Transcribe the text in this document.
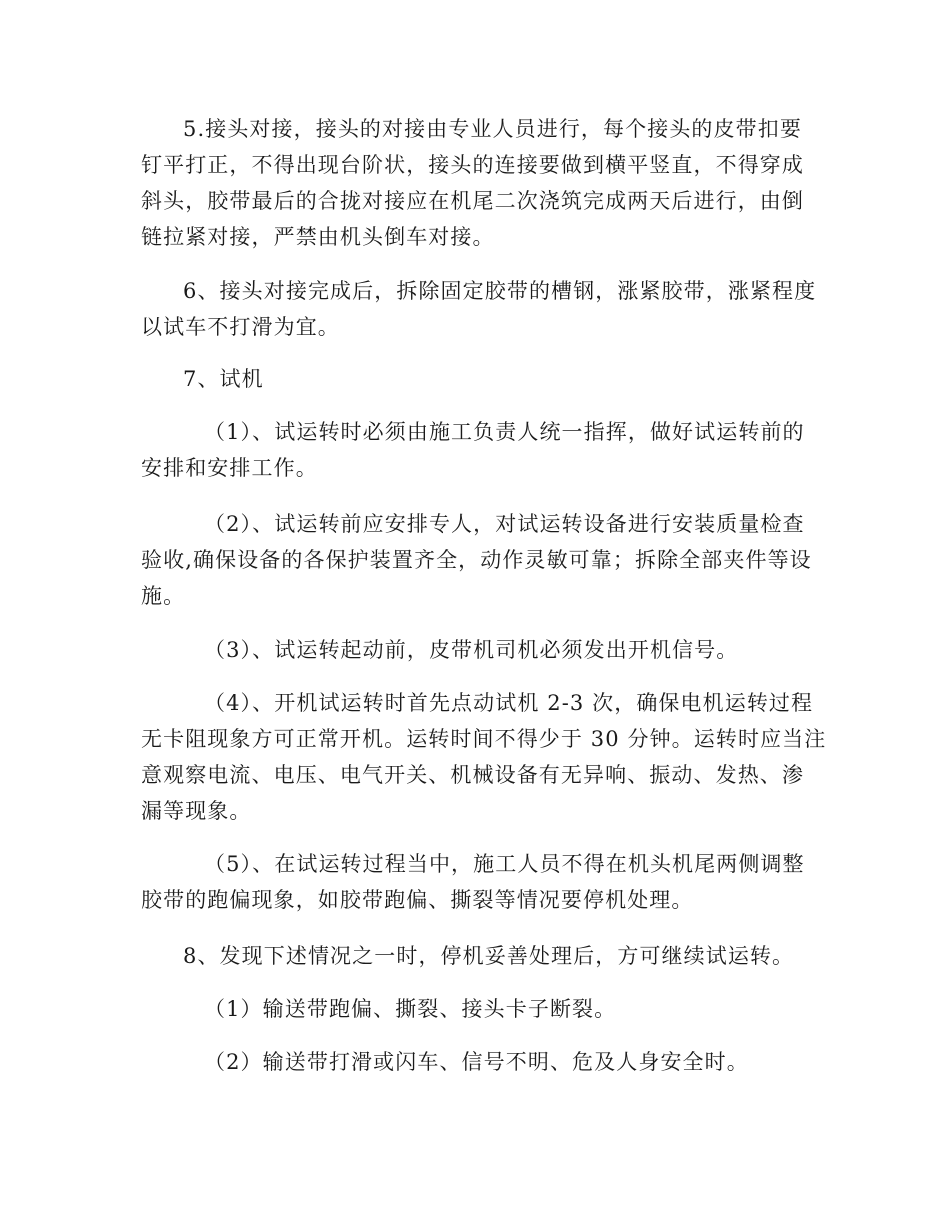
5.接头对接，接头的对接由专业人员进行，每个接头的皮带扣要
钉平打正，不得出现台阶状，接头的连接要做到横平竖直，不得穿成
斜头，胶带最后的合拢对接应在机尾二次浇筑完成两天后进行，由倒
链拉紧对接，严禁由机头倒车对接。
6、接头对接完成后，拆除固定胶带的槽钢，涨紧胶带，涨紧程度
以试车不打滑为宜。
7、试机
（1）、试运转时必须由施工负责人统一指挥，做好试运转前的
安排和安排工作。
（2）、试运转前应安排专人，对试运转设备进行安装质量检查
验收,确保设备的各保护装置齐全，动作灵敏可靠；拆除全部夹件等设
施。
（3）、试运转起动前，皮带机司机必须发出开机信号。
（4）、开机试运转时首先点动试机 2-3 次，确保电机运转过程
无卡阻现象方可正常开机。运转时间不得少于 30 分钟。运转时应当注
意观察电流、电压、电气开关、机械设备有无异响、振动、发热、渗
漏等现象。
（5）、在试运转过程当中，施工人员不得在机头机尾两侧调整
胶带的跑偏现象，如胶带跑偏、撕裂等情况要停机处理。
8、发现下述情况之一时，停机妥善处理后，方可继续试运转。
（1）输送带跑偏、撕裂、接头卡子断裂。
（2）输送带打滑或闪车、信号不明、危及人身安全时。
